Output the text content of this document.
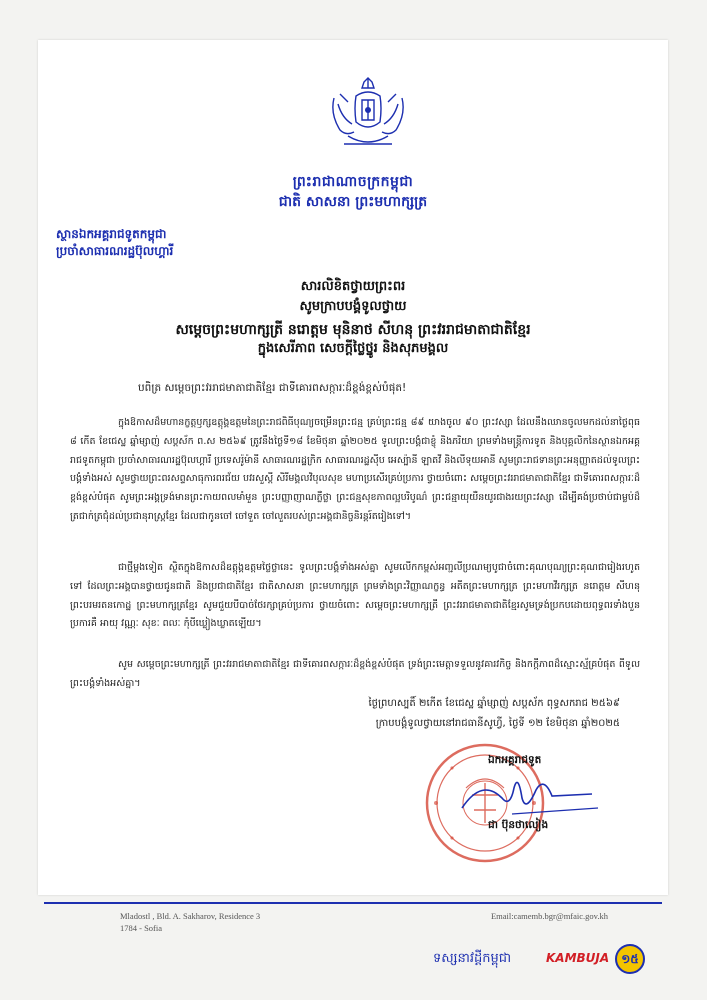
ព្រះរាជាណាចក្រកម្ពុជា
ជាតិ សាសនា ព្រះមហាក្សត្រ
ស្ថានឯកអគ្គរាជទូតកម្ពុជា
ប្រចាំសាធារណរដ្ឋប៊ុលហ្គារី
សារលិខិតថ្វាយព្រះពរ
សូមក្រាបបង្គំទូលថ្វាយ
សម្តេចព្រះមហាក្សត្រី នរោត្តម មុនិនាថ សីហនុ ព្រះវររាជមាតាជាតិខ្មែរ
ក្នុងសេរីភាព សេចក្តីថ្លៃថ្នូរ និងសុភមង្គល
បពិត្រ សម្តេចព្រះវររាជមាតាជាតិខ្មែរ ជាទីគោរពសក្ការៈដ៏ខ្ពង់ខ្ពស់បំផុត!
ក្នុងឱកាសដ៏មហានក្ខត្តឫក្សឧត្តុង្គឧត្តមនៃព្រះរាជពិធីបុណ្យចម្រើនព្រះជន្ម គ្រប់ព្រះជន្ម ៨៩ យាងចូល ៩០ ព្រះវស្សា ដែលនឹងឈានចូលមកដល់នាថ្ងៃពុធ ៨ កើត ខែជេស្ឋ ឆ្នាំម្សាញ់ សប្តស័ក ព.ស ២៥៦៩ ត្រូវនឹងថ្ងៃទី១៨ ខែមិថុនា ឆ្នាំ២០២៥ ទូលព្រះបង្គំជាខ្ញុំ និងភរិយា ព្រមទាំងមន្ត្រីការទូត និងបុគ្គលិកនៃស្ថានឯកអគ្គរាជទូតកម្ពុជា ប្រចាំសាធារណរដ្ឋប៊ុលហ្គារី ប្រទេសរ៉ូម៉ានី សាធារណរដ្ឋក្រិក សាធារណរដ្ឋស៊ីប អេស្ប៉ានី ឡាតវី និងលីទុយអានី សូមព្រះរាជទានព្រះអនុញ្ញាតដល់ទូលព្រះបង្គំទាំងអស់ សូមថ្វាយព្រះពរសព្ទសាធុការពរជ័យ បវរសួស្តី សិរីមង្គលវិបុលសុខ មហាប្រសើរគ្រប់ប្រការ ថ្វាយចំពោះ សម្តេចព្រះវររាជមាតាជាតិខ្មែរ ជាទីគោរពសក្ការៈដ៏ខ្ពង់ខ្ពស់បំផុត សូមព្រះអង្គទ្រង់មានព្រះកាយពលមាំមួន ព្រះបញ្ញាញាណភ្លឺថ្លា ព្រះជន្មសុខភាពល្អបរិបូណ៌ ព្រះជន្មាយុយឺនយូរជាងរយព្រះវស្សា ដើម្បីគង់ប្រថាប់ជាម្លប់ដ៏ត្រជាក់ត្រជុំដល់ប្រជានុរាស្រ្តខ្មែរ ដែលជាកូនចៅ ចៅទួត ចៅលួតរបស់ព្រះអង្គជានិច្ចនិរន្តរ៍តរៀងទៅ។
ជាថ្មីម្តងទៀត ស្ថិតក្នុងឱកាសដ៏ឧត្តុង្គឧត្តមថ្លៃថ្លានេះ ទូលព្រះបង្គំទាំងអស់គ្នា សូមលើកកម្ពស់អញ្ជលីប្រណម្យបូជាចំពោះគុណបុណ្យព្រះគុណជារៀងរហូតទៅ ដែលព្រះអង្គបានថ្វាយជូនជាតិ និងប្រជាជាតិខ្មែរ ជាតិសាសនា ព្រះមហាក្សត្រ ព្រមទាំងព្រះវិញ្ញាណក្ខន្ធ អតីតព្រះមហាក្សត្រ ព្រះមហាវីរក្សត្រ នរោត្តម សីហនុ ព្រះបរមរតនកោដ្ឋ ព្រះមហាក្សត្រខ្មែរ សូមជួយបីបាច់ថែរក្សាគ្រប់ប្រការ ថ្វាយចំពោះ សម្តេចព្រះមហាក្សត្រី ព្រះវររាជមាតាជាតិខ្មែរសូមទ្រង់ប្រកបដោយពុទ្ធពរទាំងបួនប្រការគឺ អាយុ វណ្ណៈ សុខៈ ពលៈ កុំបីឃ្លៀងឃ្លាតឡើយ។
សូម សម្តេចព្រះមហាក្សត្រី ព្រះវររាជមាតាជាតិខ្មែរ ជាទីគោរពសក្ការៈដ៏ខ្ពង់ខ្ពស់បំផុត ទ្រង់ព្រះមេត្តាទទួលនូវគារវកិច្ច និងកក្តីភាពដ៏ស្មោះស្ម័គ្របំផុត ពីទូលព្រះបង្គំទាំងអស់គ្នា។
ថ្ងៃព្រហស្បតិ៍ ២កើត ខែជេស្ឋ ឆ្នាំម្សាញ់ សប្តស័ក ពុទ្ធសករាជ ២៥៦៩
ក្រាបបង្គំទូលថ្វាយនៅរាជធានីសូហ្វី, ថ្ងៃទី ១២ ខែមិថុនា ឆ្នាំ២០២៥
ឯកអគ្គរាជទូត
ជា ប៊ុនថាលៀង
Mladostl , Bld. A. Sakharov, Residence 3
1784 - Sofia
Email:camemb.bgr@mfaic.gov.kh
ទស្សនាវដ្តីកម្ពុជា	KAMBUJA	១៥
